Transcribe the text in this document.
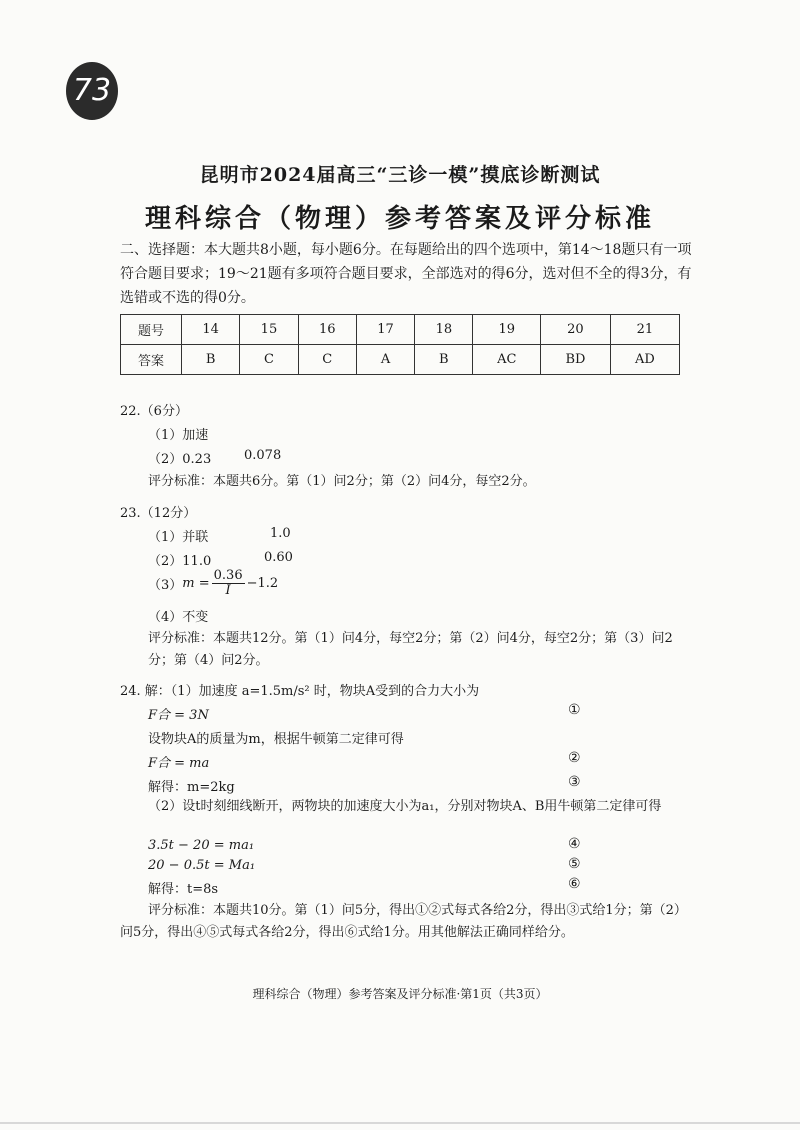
73
昆明市2024届高三“三诊一模”摸底诊断测试
理科综合（物理）参考答案及评分标准
二、选择题：本大题共8小题，每小题6分。在每题给出的四个选项中，第14～18题只有一项符合题目要求；19～21题有多项符合题目要求，全部选对的得6分，选对但不全的得3分，有选错或不选的得0分。
题号	14	15	16	17	18	19	20	21
答案	B	C	C	A	B	AC	BD	AD
22.（6分）
（1）加速
（2）0.23	0.078
评分标准：本题共6分。第（1）问2分；第（2）问4分，每空2分。
23.（12分）
（1）并联	1.0
（2）11.0	0.60
（3） $m = \frac{0.36}{I} -1.2$
（4）不变
评分标准：本题共12分。第（1）问4分，每空2分；第（2）问4分，每空2分；第（3）问2分；第（4）问2分。
24. 解：（1）加速度 a=1.5m/s² 时，物块A受到的合力大小为
F合 = 3N	①
设物块A的质量为m，根据牛顿第二定律可得
F合 = ma	②
解得：m=2kg	③
（2）设t时刻细线断开，两物块的加速度大小为a₁，分别对物块A、B用牛顿第二定律可得
3.5t − 20 = ma₁	④
20 − 0.5t = Ma₁	⑤
解得：t=8s	⑥
评分标准：本题共10分。第（1）问5分，得出①②式每式各给2分，得出③式给1分；第（2）问5分，得出④⑤式每式各给2分，得出⑥式给1分。用其他解法正确同样给分。
理科综合（物理）参考答案及评分标准·第1页（共3页）
